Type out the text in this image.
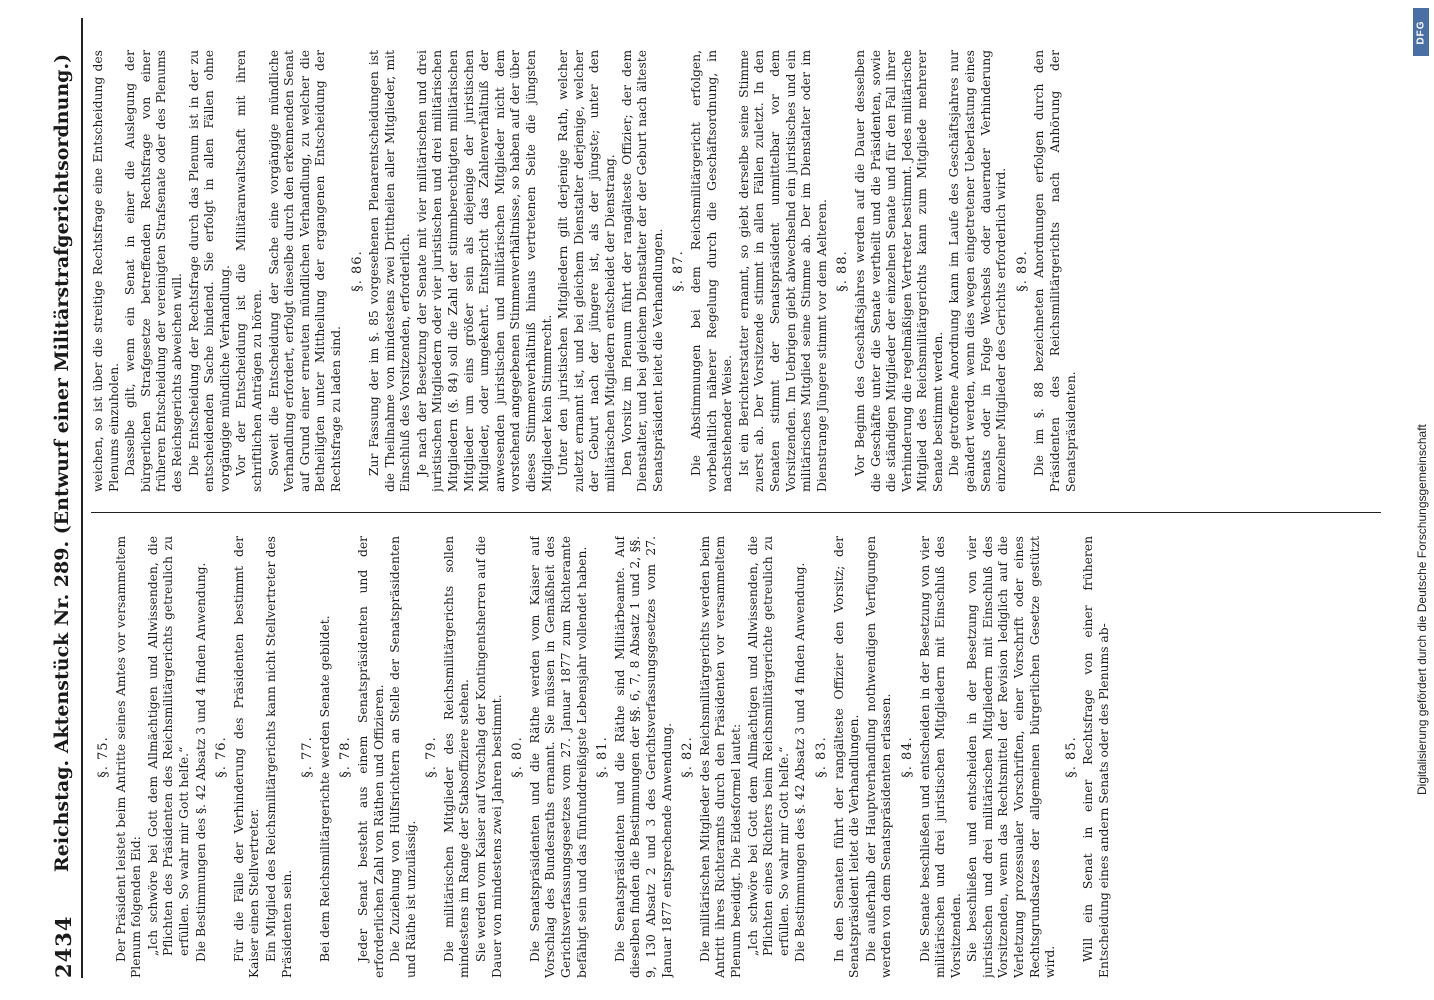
2434
Reichstag. Aktenstück Nr. 289. (Entwurf einer Militärstrafgerichtsordnung.) §. 75. Der Präsident leistet beim Antritte seines Amtes vor versammeltem Plenum folgenden Eid: „Ich schwöre bei Gott dem Allmächtigen und Allwissenden, die Pflichten des Präsidenten des Reichsmilitärgerichts getreulich zu erfüllen. So wahr mir Gott helfe.“ Die Bestimmungen des §. 42 Absatz 3 und 4 finden Anwendung. §. 76. Für die Fälle der Verhinderung des Präsidenten bestimmt der Kaiser einen Stellvertreter. Ein Mitglied des Reichsmilitärgerichts kann nicht Stellvertreter des Präsidenten sein.

§. 77. Bei dem Reichsmilitärgerichte werden Senate gebildet. §. 78. Jeder Senat besteht aus einem Senatspräsidenten und der erforderlichen Zahl von Räthen und Offizieren. Die Zuziehung von Hülfsrichtern an Stelle der Senatspräsidenten und Räthe ist unzulässig.

§. 79. Die militärischen Mitglieder des Reichsmilitärgerichts sollen mindestens im Range der Stabsoffiziere stehen. Sie werden vom Kaiser auf Vorschlag der Kontingentsherren auf die Dauer von mindestens zwei Jahren bestimmt. §. 80. Die Senatspräsidenten und die Räthe werden vom Kaiser auf Vorschlag des Bundesraths ernannt. Sie müssen in Gemäßheit des Gerichtsverfassungsgesetzes vom 27. Januar 1877 zum Richteramte befähigt sein und das fünfunddreißigste Lebensjahr vollendet haben. §. 81. Die Senatspräsidenten und die Räthe sind Militärbeamte. Auf dieselben finden die Bestimmungen der §§. 6, 7, 8 Absatz 1 und 2, §§. 9, 130 Absatz 2 und 3 des Gerichtsverfassungsgesetzes vom 27. Januar 1877 entsprechende Anwendung. §. 82. Die militärischen Mitglieder des Reichsmilitärgerichts werden beim Antritt ihres Richteramts durch den Präsidenten vor versammeltem Plenum beeidigt. Die Eidesformel lautet: „Ich schwöre bei Gott dem Allmächtigen und Allwissenden, die Pflichten eines Richters beim Reichsmilitärgerichte getreulich zu erfüllen. So wahr mir Gott helfe.“ Die Bestimmungen des §. 42 Absatz 3 und 4 finden Anwendung. §. 83. In den Senaten führt der rangälteste Offizier den Vorsitz; der Senatspräsident leitet die Verhandlungen. Die außerhalb der Hauptverhandlung nothwendigen Verfügungen werden von dem Senatspräsidenten erlassen. §. 84. Die Senate beschließen und entscheiden in der Besetzung von vier militärischen und drei juristischen Mitgliedern mit Einschluß des Vorsitzenden. Sie beschließen und entscheiden in der Besetzung von vier juristischen und drei militärischen Mitgliedern mit Einschluß des Vorsitzenden, wenn das Rechtsmittel der Revision lediglich auf die Verletzung prozessualer Vorschriften, einer Vorschrift oder eines Rechtsgrundsatzes der allgemeinen bürgerlichen Gesetze gestützt wird.

§. 85. Will ein Senat in einer Rechtsfrage von einer früheren Entscheidung eines andern Senats oder des Plenums ab-

weichen, so ist über die streitige Rechtsfrage eine Entscheidung des Plenums einzuholen. Dasselbe gilt, wenn ein Senat in einer die Auslegung der bürgerlichen Strafgesetze betreffenden Rechtsfrage von einer früheren Entscheidung der vereinigten Strafsenate oder des Plenums des Reichsgerichts abweichen will. Die Entscheidung der Rechtsfrage durch das Plenum ist in der zu entscheidenden Sache bindend. Sie erfolgt in allen Fällen ohne vorgängige mündliche Verhandlung. Vor der Entscheidung ist die Militäranwaltschaft mit ihren schriftlichen Anträgen zu hören. Soweit die Entscheidung der Sache eine vorgängige mündliche Verhandlung erfordert, erfolgt dieselbe durch den erkennenden Senat auf Grund einer erneuten mündlichen Verhandlung, zu welcher die Betheiligten unter Mittheilung der ergangenen Entscheidung der Rechtsfrage zu laden sind.

§. 86. Zur Fassung der im §. 85 vorgesehenen Plenarentscheidungen ist die Theilnahme von mindestens zwei Drittheilen aller Mitglieder, mit Einschluß des Vorsitzenden, erforderlich. Je nach der Besetzung der Senate mit vier militärischen und drei juristischen Mitgliedern oder vier juristischen und drei militärischen Mitgliedern (§. 84) soll die Zahl der stimmberechtigten militärischen Mitglieder um eins größer sein als diejenige der juristischen Mitglieder, oder umgekehrt. Entspricht das Zahlenverhältniß der anwesenden juristischen und militärischen Mitglieder nicht dem vorstehend angegebenen Stimmenverhältnisse, so haben auf der über dieses Stimmenverhältniß hinaus vertretenen Seite die jüngsten Mitglieder kein Stimmrecht. Unter den juristischen Mitgliedern gilt derjenige Rath, welcher zuletzt ernannt ist, und bei gleichem Dienstalter derjenige, welcher der Geburt nach der jüngere ist, als der jüngste; unter den militärischen Mitgliedern entscheidet der Dienstrang. Den Vorsitz im Plenum führt der rangälteste Offizier; der dem Dienstalter, und bei gleichem Dienstalter der der Geburt nach älteste Senatspräsident leitet die Verhandlungen. §. 87. Die Abstimmungen bei dem Reichsmilitärgericht erfolgen, vorbehaltlich näherer Regelung durch die Geschäftsordnung, in nachstehender Weise. Ist ein Berichterstatter ernannt, so giebt derselbe seine Stimme zuerst ab. Der Vorsitzende stimmt in allen Fällen zuletzt. In den Senaten stimmt der Senatspräsident unmittelbar vor dem Vorsitzenden. Im Uebrigen giebt abwechselnd ein juristisches und ein militärisches Mitglied seine Stimme ab. Der im Dienstalter oder im Dienstrange Jüngere stimmt vor dem Aelteren. §. 88. Vor Beginn des Geschäftsjahres werden auf die Dauer desselben die Geschäfte unter die Senate vertheilt und die Präsidenten, sowie die ständigen Mitglieder der einzelnen Senate und für den Fall ihrer Verhinderung die regelmäßigen Vertreter bestimmt. Jedes militärische Mitglied des Reichsmilitärgerichts kann zum Mitgliede mehrerer Senate bestimmt werden. Die getroffene Anordnung kann im Laufe des Geschäftsjahres nur geändert werden, wenn dies wegen eingetretener Ueberlastung eines Senats oder in Folge Wechsels oder dauernder Verhinderung einzelner Mitglieder des Gerichts erforderlich wird. §. 89. Die im §. 88 bezeichneten Anordnungen erfolgen durch den Präsidenten des Reichsmilitärgerichts nach Anhörung der Senatspräsidenten.

DFG
Digitalisierung gefördert durch die Deutsche Forschungsgemeinschaft
